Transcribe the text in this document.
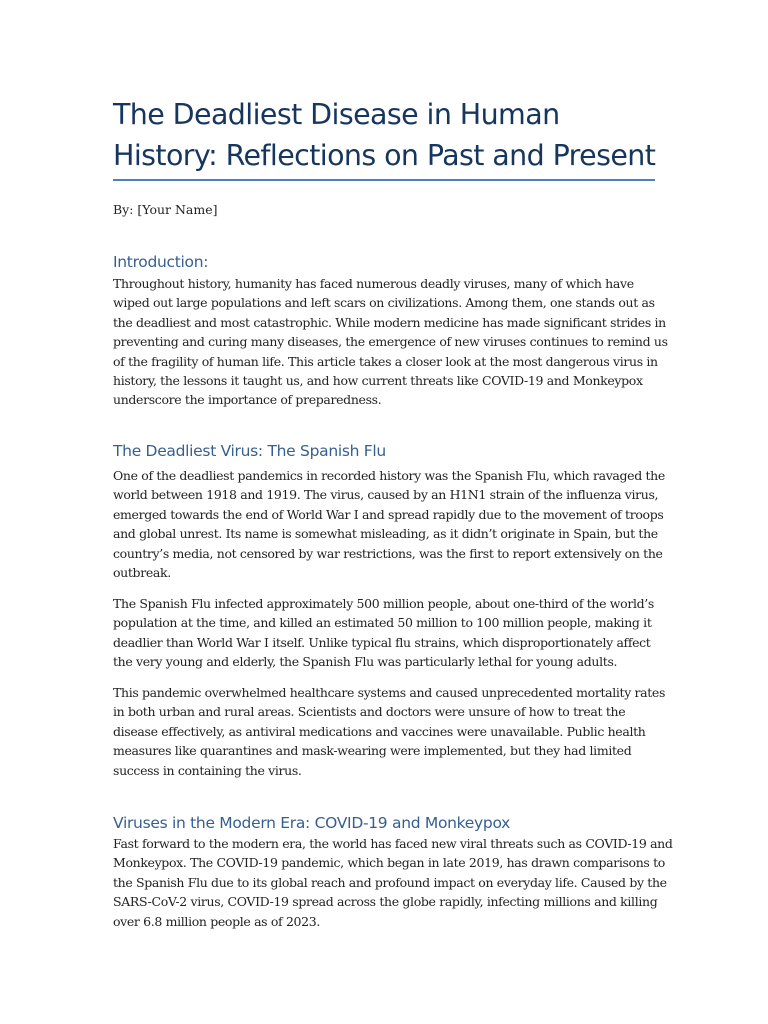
The Deadliest Disease in Human
History: Reflections on Past and Present

By: [Your Name]

Introduction:
Throughout history, humanity has faced numerous deadly viruses, many of which have
wiped out large populations and left scars on civilizations. Among them, one stands out as
the deadliest and most catastrophic. While modern medicine has made significant strides in
preventing and curing many diseases, the emergence of new viruses continues to remind us
of the fragility of human life. This article takes a closer look at the most dangerous virus in
history, the lessons it taught us, and how current threats like COVID-19 and Monkeypox
underscore the importance of preparedness.
The Deadliest Virus: The Spanish Flu
One of the deadliest pandemics in recorded history was the Spanish Flu, which ravaged the
world between 1918 and 1919. The virus, caused by an H1N1 strain of the influenza virus,
emerged towards the end of World War I and spread rapidly due to the movement of troops
and global unrest. Its name is somewhat misleading, as it didn’t originate in Spain, but the
country’s media, not censored by war restrictions, was the first to report extensively on the
outbreak.
The Spanish Flu infected approximately 500 million people, about one-third of the world’s
population at the time, and killed an estimated 50 million to 100 million people, making it
deadlier than World War I itself. Unlike typical flu strains, which disproportionately affect
the very young and elderly, the Spanish Flu was particularly lethal for young adults.
This pandemic overwhelmed healthcare systems and caused unprecedented mortality rates
in both urban and rural areas. Scientists and doctors were unsure of how to treat the
disease effectively, as antiviral medications and vaccines were unavailable. Public health
measures like quarantines and mask-wearing were implemented, but they had limited
success in containing the virus.
Viruses in the Modern Era: COVID-19 and Monkeypox
Fast forward to the modern era, the world has faced new viral threats such as COVID-19 and
Monkeypox. The COVID-19 pandemic, which began in late 2019, has drawn comparisons to
the Spanish Flu due to its global reach and profound impact on everyday life. Caused by the
SARS-CoV-2 virus, COVID-19 spread across the globe rapidly, infecting millions and killing
over 6.8 million people as of 2023.
